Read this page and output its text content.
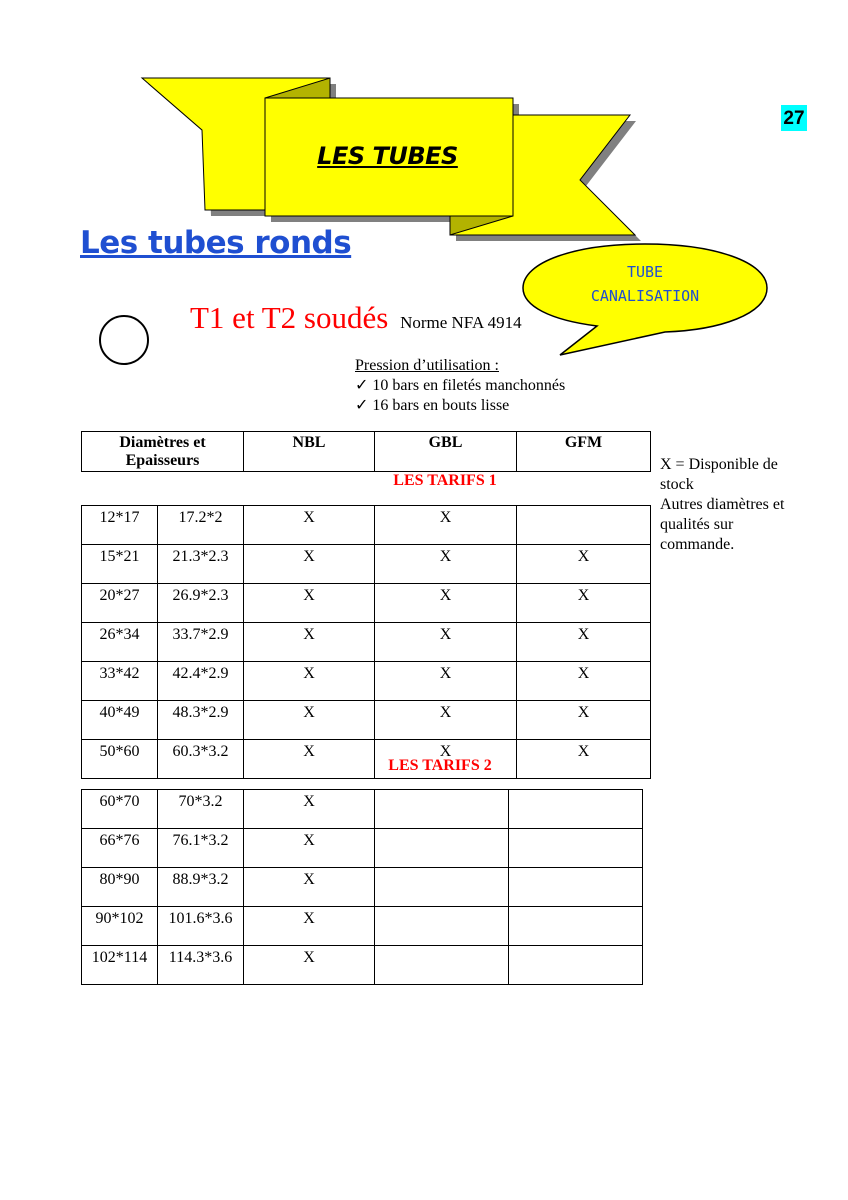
LES TUBES
27
Les tubes ronds
TUBE
CANALISATION
T1 et T2 soudés Norme NFA 4914
Pression d’utilisation :
✓ 10 bars en filetés manchonnés
✓ 16 bars en bouts lisse
X = Disponible de stock
Autres diamètres et qualités sur commande.
Diamètres et Epaisseurs	NBL	GBL	GFM
LES TARIFS 1
12*17	17.2*2	X	X	
15*21	21.3*2.3	X	X	X
20*27	26.9*2.3	X	X	X
26*34	33.7*2.9	X	X	X
33*42	42.4*2.9	X	X	X
40*49	48.3*2.9	X	X	X
50*60	60.3*3.2	X	X	X
LES TARIFS 2
60*70	70*3.2	X		
66*76	76.1*3.2	X		
80*90	88.9*3.2	X		
90*102	101.6*3.6	X		
102*114	114.3*3.6	X		
